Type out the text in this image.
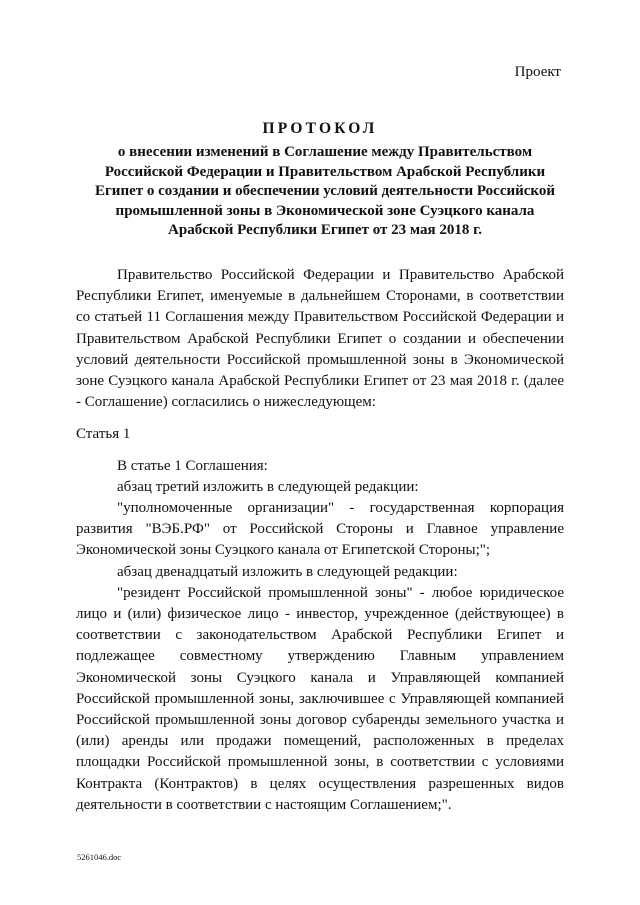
Проект
ПРОТОКОЛ
о внесении изменений в Соглашение между Правительством Российской Федерации и Правительством Арабской Республики Египет о создании и обеспечении условий деятельности Российской промышленной зоны в Экономической зоне Суэцкого канала Арабской Республики Египет от 23 мая 2018 г.

Правительство Российской Федерации и Правительство Арабской Республики Египет, именуемые в дальнейшем Сторонами, в соответствии со статьей 11 Соглашения между Правительством Российской Федерации и Правительством Арабской Республики Египет о создании и обеспечении условий деятельности Российской промышленной зоны в Экономической зоне Суэцкого канала Арабской Республики Египет от 23 мая 2018 г. (далее - Соглашение) согласились о нижеследующем:

Статья 1

В статье 1 Соглашения:

абзац третий изложить в следующей редакции:

"уполномоченные организации" - государственная корпорация развития "ВЭБ.РФ" от Российской Стороны и Главное управление Экономической зоны Суэцкого канала от Египетской Стороны;";

абзац двенадцатый изложить в следующей редакции:

"резидент Российской промышленной зоны" - любое юридическое лицо и (или) физическое лицо - инвестор, учрежденное (действующее) в соответствии с законодательством Арабской Республики Египет и подлежащее совместному утверждению Главным управлением Экономической зоны Суэцкого канала и Управляющей компанией Российской промышленной зоны, заключившее с Управляющей компанией Российской промышленной зоны договор субаренды земельного участка и (или) аренды или продажи помещений, расположенных в пределах площадки Российской промышленной зоны, в соответствии с условиями Контракта (Контрактов) в целях осуществления разрешенных видов деятельности в соответствии с настоящим Соглашением;".

5261046.doc
